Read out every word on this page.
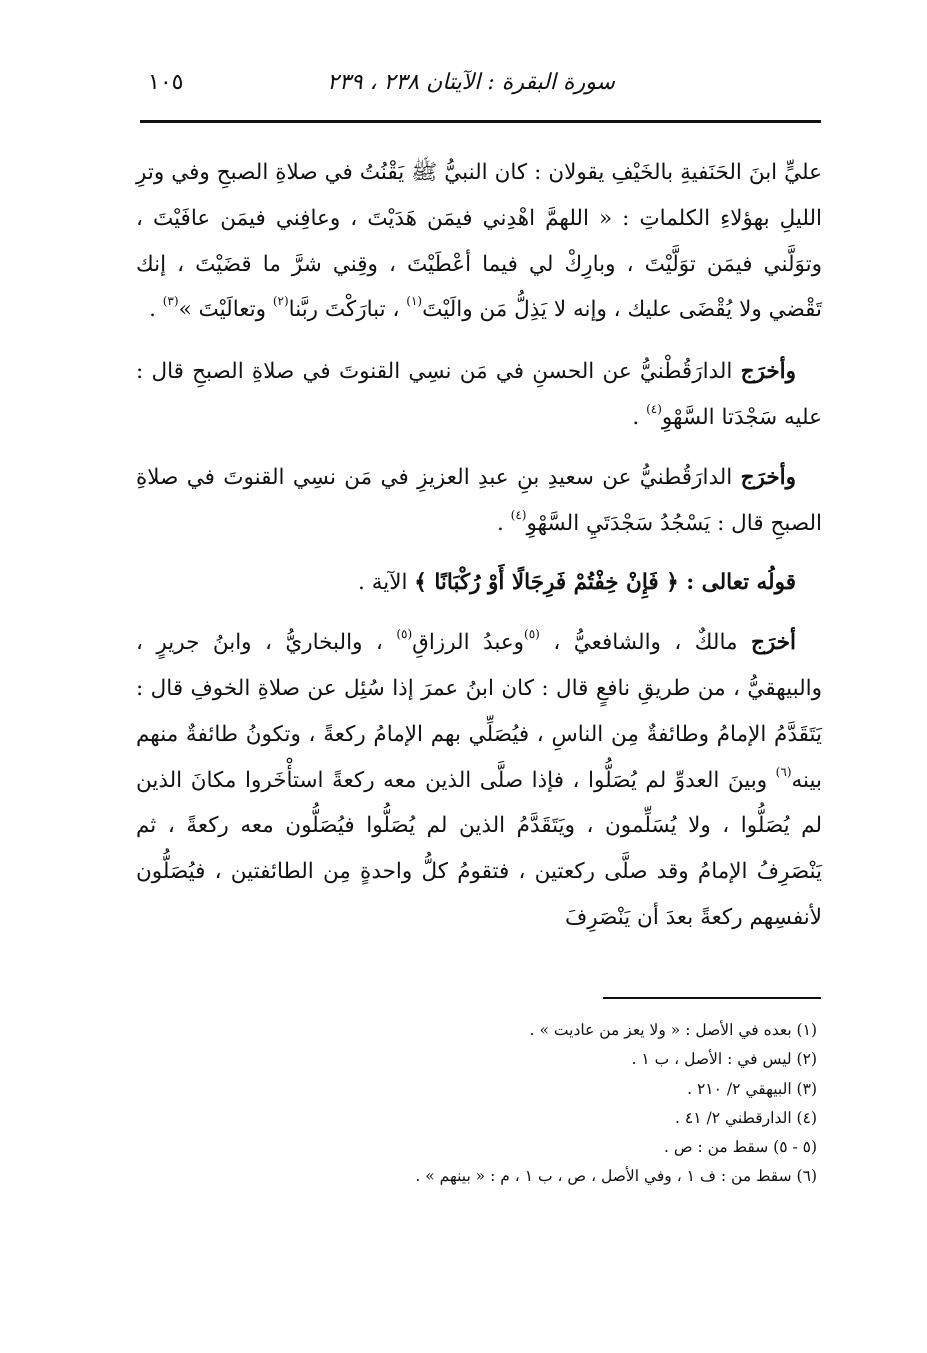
سورة البقرة : الآيتان ٢٣٨ ، ٢٣٩
١٠٥

عليٍّ ابنَ الحَنَفيةِ بالخَيْفِ يقولان : كان النبيُّ ﷺ يَقْنُتُ في صلاةِ الصبحِ وفي وترِ الليلِ بهؤلاءِ الكلماتِ : « اللهمَّ اهْدِني فيمَن هَدَيْتَ ، وعافِني فيمَن عافَيْتَ ، وتوَلَّني فيمَن توَلَّيْتَ ، وبارِكْ لي فيما أعْطَيْتَ ، وقِني شرَّ ما قضَيْتَ ، إنك تَقْضي ولا يُقْضَى عليك ، وإنه لا يَذِلُّ مَن والَيْتَ$^{(١)}$ ، تبارَكْتَ ربَّنا$^{(٢)}$ وتعالَيْتَ »$^{(٣)}$ .

وأخرَج الدارَقُطْنيُّ عن الحسنِ في مَن نسِي القنوتَ في صلاةِ الصبحِ قال : عليه سَجْدَتا السَّهْوِ$^{(٤)}$ .

وأخرَج الدارَقُطنيُّ عن سعيدِ بنِ عبدِ العزيزِ في مَن نسِي القنوتَ في صلاةِ الصبحِ قال : يَسْجُدُ سَجْدَتَيِ السَّهْوِ$^{(٤)}$ .

قولُه تعالى : ﴿ فَإِنْ خِفْتُمْ فَرِجَالًا أَوْ رُكْبَانًا ﴾ الآية .

أخرَج مالكٌ ، والشافعيُّ ، $^{(٥)}$وعبدُ الرزاقِ$^{(٥)}$ ، والبخاريُّ ، وابنُ جريرٍ ، والبيهقيُّ ، من طريقِ نافعٍ قال : كان ابنُ عمرَ إذا سُئِل عن صلاةِ الخوفِ قال : يَتَقَدَّمُ الإمامُ وطائفةٌ مِن الناسِ ، فيُصَلِّي بهم الإمامُ ركعةً ، وتكونُ طائفةٌ منهم بينه$^{(٦)}$ وبينَ العدوِّ لم يُصَلُّوا ، فإذا صلَّى الذين معه ركعةً استأْخَروا مكانَ الذين لم يُصَلُّوا ، ولا يُسَلِّمون ، ويَتَقَدَّمُ الذين لم يُصَلُّوا فيُصَلُّون معه ركعةً ، ثم يَنْصَرِفُ الإمامُ وقد صلَّى ركعتين ، فتقومُ كلُّ واحدةٍ مِن الطائفتين ، فيُصَلُّون لأنفسِهم ركعةً بعدَ أن يَنْصَرِفَ

(١) بعده في الأصل : « ولا يعز من عاديت » .
(٢) ليس في : الأصل ، ب ١ .
(٣) البيهقي ٢/ ٢١٠ .
(٤) الدارقطني ٢/ ٤١ .
(٥ - ٥) سقط من : ص .
(٦) سقط من : ف ١ ، وفي الأصل ، ص ، ب ١ ، م : « بينهم » .
